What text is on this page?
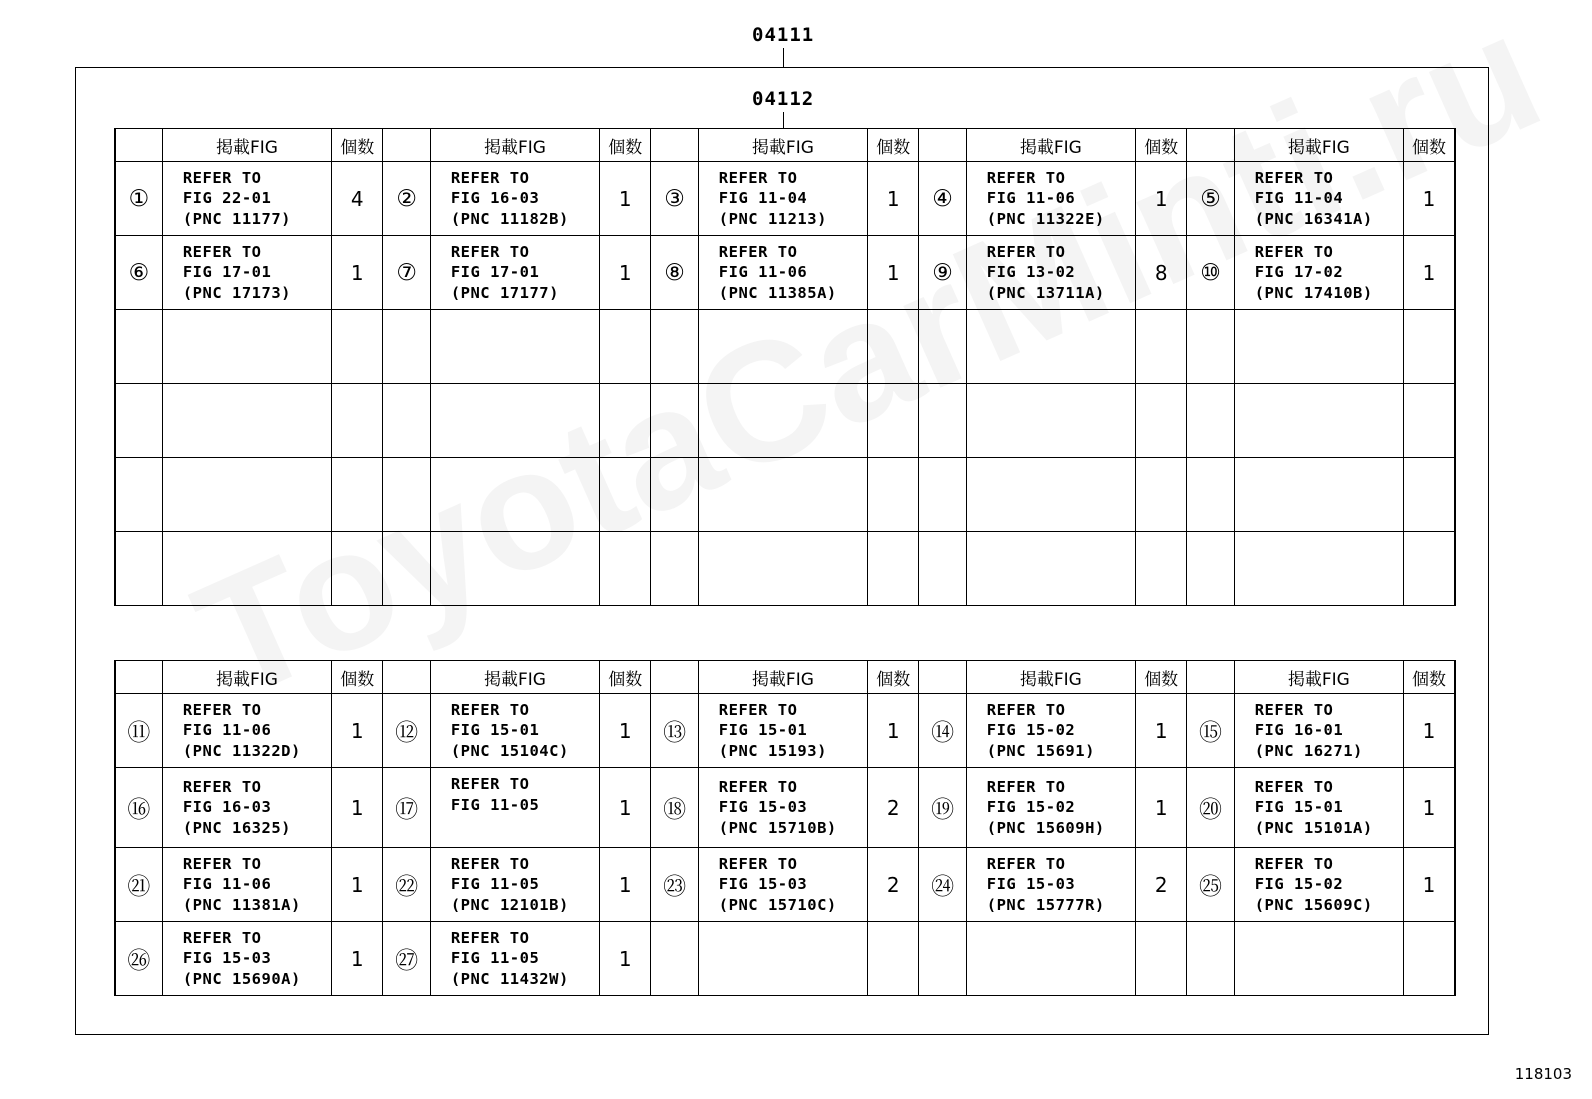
04111
04112
	掲載FIG	個数		掲載FIG	個数		掲載FIG	個数		掲載FIG	個数		掲載FIG	個数
①	REFER TO
FIG 22-01
(PNC 11177)	4	②	REFER TO
FIG 16-03
(PNC 11182B)	1	③	REFER TO
FIG 11-04
(PNC 11213)	1	④	REFER TO
FIG 11-06
(PNC 11322E)	1	⑤	REFER TO
FIG 11-04
(PNC 16341A)	1
⑥	REFER TO
FIG 17-01
(PNC 17173)	1	⑦	REFER TO
FIG 17-01
(PNC 17177)	1	⑧	REFER TO
FIG 11-06
(PNC 11385A)	1	⑨	REFER TO
FIG 13-02
(PNC 13711A)	8	⑩	REFER TO
FIG 17-02
(PNC 17410B)	1

	掲載FIG	個数		掲載FIG	個数		掲載FIG	個数		掲載FIG	個数		掲載FIG	個数
⑪	REFER TO
FIG 11-06
(PNC 11322D)	1	⑫	REFER TO
FIG 15-01
(PNC 15104C)	1	⑬	REFER TO
FIG 15-01
(PNC 15193)	1	⑭	REFER TO
FIG 15-02
(PNC 15691)	1	⑮	REFER TO
FIG 16-01
(PNC 16271)	1
⑯	REFER TO
FIG 16-03
(PNC 16325)	1	⑰	REFER TO
FIG 11-05	1	⑱	REFER TO
FIG 15-03
(PNC 15710B)	2	⑲	REFER TO
FIG 15-02
(PNC 15609H)	1	⑳	REFER TO
FIG 15-01
(PNC 15101A)	1
㉑	REFER TO
FIG 11-06
(PNC 11381A)	1	㉒	REFER TO
FIG 11-05
(PNC 12101B)	1	㉓	REFER TO
FIG 15-03
(PNC 15710C)	2	㉔	REFER TO
FIG 15-03
(PNC 15777R)	2	㉕	REFER TO
FIG 15-02
(PNC 15609C)	1
㉖	REFER TO
FIG 15-03
(PNC 15690A)	1	㉗	REFER TO
FIG 11-05
(PNC 11432W)	1									
118103
